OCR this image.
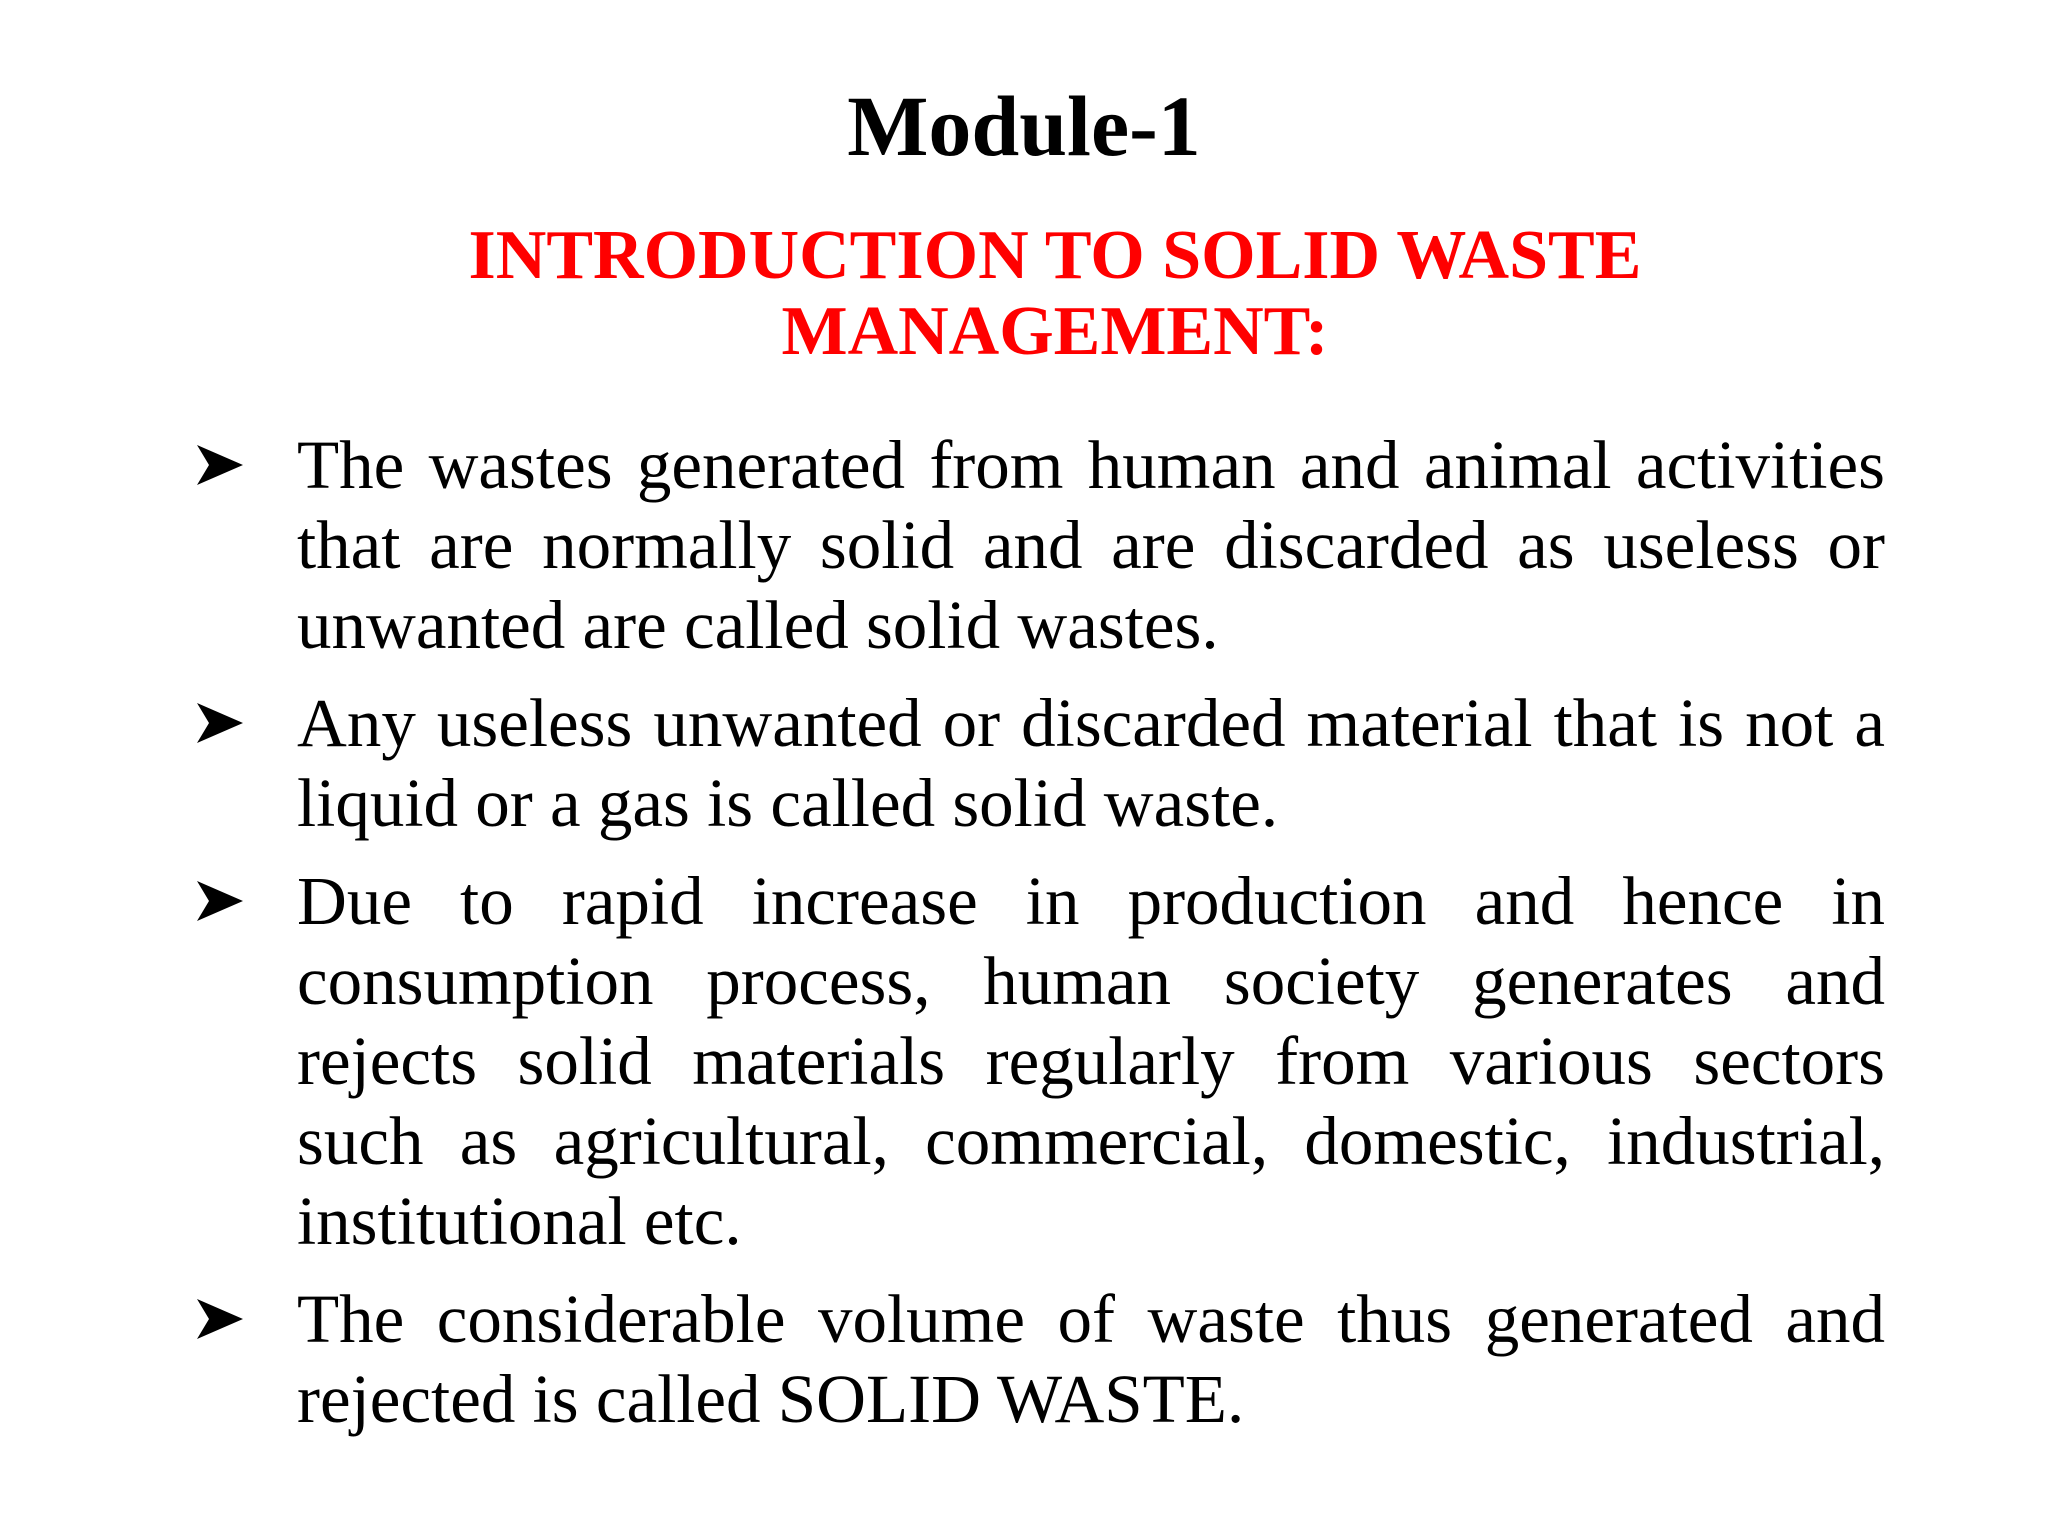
Module-1
INTRODUCTION TO SOLID WASTE
MANAGEMENT:
The wastes generated from human and animal activities that are normally solid and are discarded as useless or unwanted are called solid wastes.
Any useless unwanted or discarded material that is not a liquid or a gas is called solid waste.
Due to rapid increase in production and hence in consumption process, human society generates and rejects solid materials regularly from various sectors such as agricultural, commercial, domestic, industrial, institutional etc.
The considerable volume of waste thus generated and rejected is called SOLID WASTE.
